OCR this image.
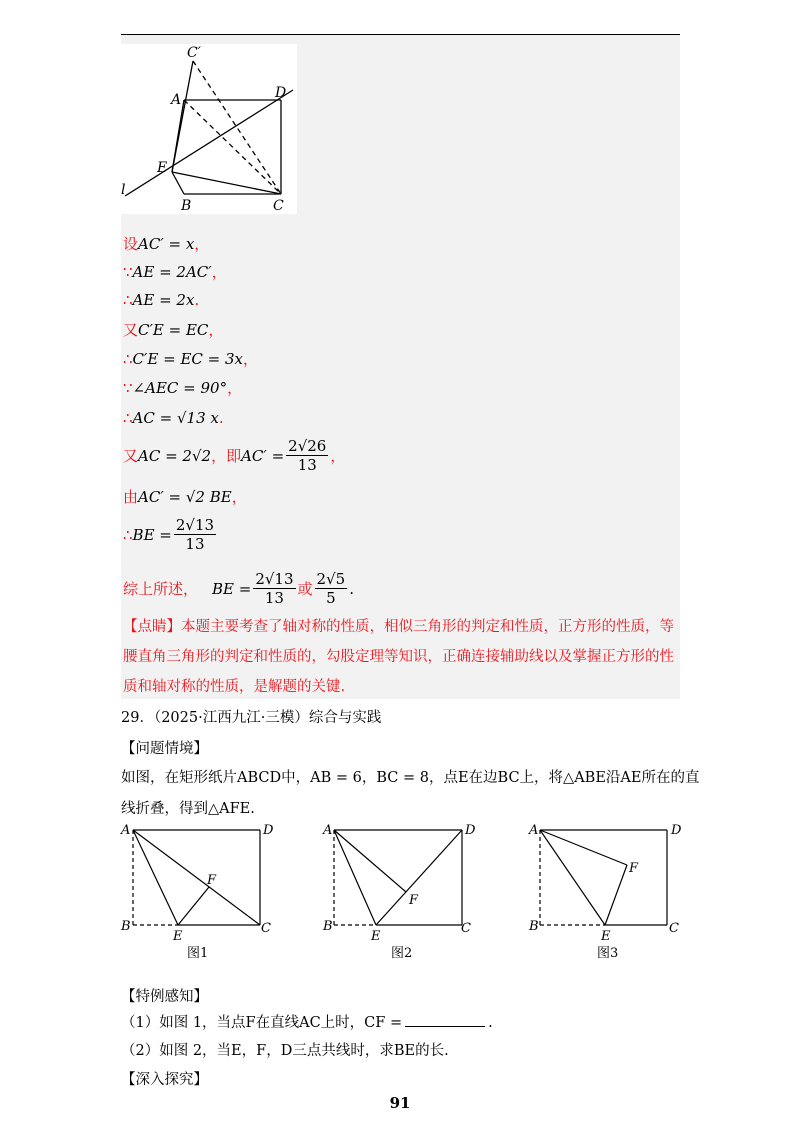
C′
A	D
E
B	C
l
设 AC′ = x ，
∵ AE = 2AC′ ，
∴ AE = 2x .
又 C′E = EC ，
∴ C′E = EC = 3x ，
∵ ∠AEC = 90° ，
∴ AC = √13 x .
又 AC = 2√2 ，即 $AC' = \frac{2√26}{13}$ ，
由 AC′ = √2 BE ，
∴ BE = $\frac{2√13}{13}$
综上所述， BE = $\frac{2√13}{13}$ 或 $\frac{2√5}{5}$ .
【点睛】本题主要考查了轴对称的性质，相似三角形的判定和性质，正方形的性质，等腰直角三角形的判定和性质的，勾股定理等知识，正确连接辅助线以及掌握正方形的性质和轴对称的性质，是解题的关键.
29．（2025·江西九江·三模）综合与实践
【问题情境】
如图，在矩形纸片ABCD中，AB = 6，BC = 8，点E在边BC上，将△ABE沿AE所在的直
线折叠，得到△AFE.
A	D
F
B
E
C
A	D
F
B
E
C
A	D
F
B
E
C
图1	图2	图3
【特例感知】
（1）如图 1，当点F在直线AC上时，CF =	.
（2）如图 2，当E，F，D三点共线时，求BE的长.
【深入探究】
91
